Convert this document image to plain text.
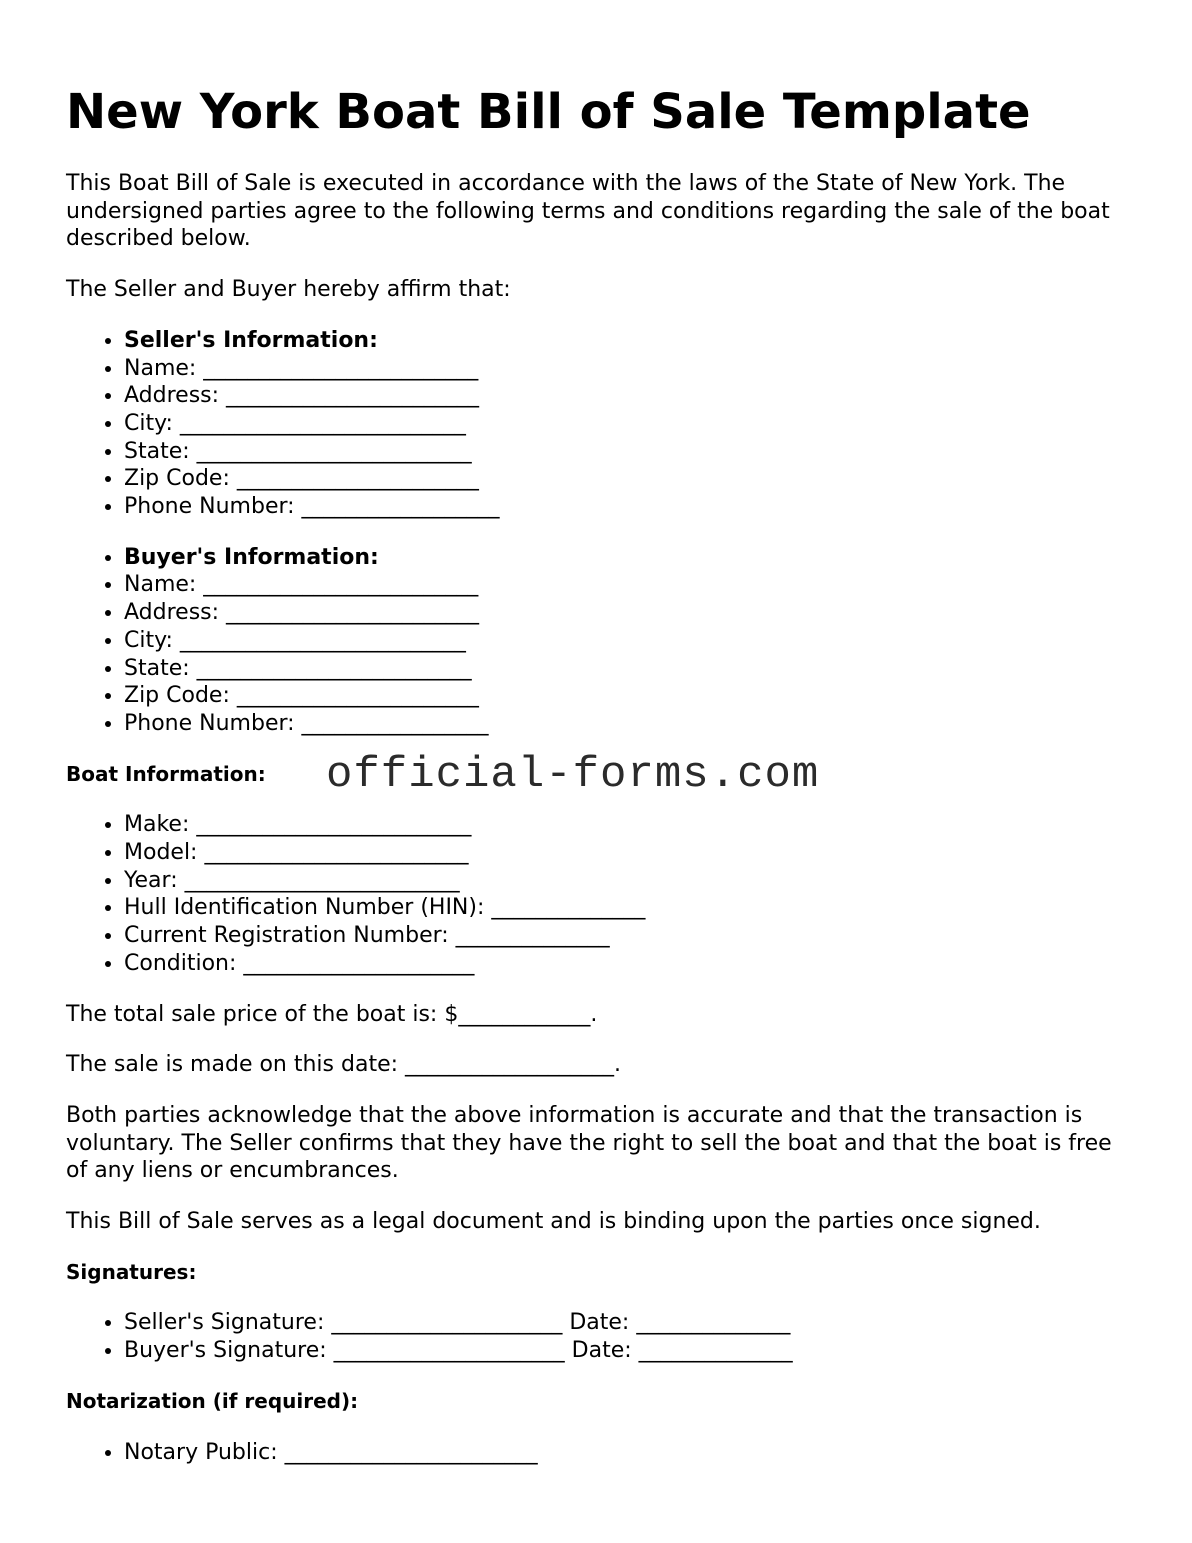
New York Boat Bill of Sale Template

This Boat Bill of Sale is executed in accordance with the laws of the State of New York. The undersigned parties agree to the following terms and conditions regarding the sale of the boat described below.

The Seller and Buyer hereby affirm that:

• Seller's Information:
• Name: _________________________
• Address: _______________________
• City: __________________________
• State: _________________________
• Zip Code: ______________________
• Phone Number: __________________
• Buyer's Information:
• Name: _________________________
• Address: _______________________
• City: __________________________
• State: _________________________
• Zip Code: ______________________
• Phone Number: _________________
Boat Information:	official-forms.com
• Make: _________________________
• Model: ________________________
• Year: _________________________
• Hull Identification Number (HIN): ______________
• Current Registration Number: ______________
• Condition: _____________________

The total sale price of the boat is: $____________.

The sale is made on this date: ___________________.

Both parties acknowledge that the above information is accurate and that the transaction is voluntary. The Seller confirms that they have the right to sell the boat and that the boat is free of any liens or encumbrances.

This Bill of Sale serves as a legal document and is binding upon the parties once signed.

Signatures:
• Seller's Signature: _____________________ Date: ______________
• Buyer's Signature: _____________________ Date: ______________
Notarization (if required):
• Notary Public: _______________________
